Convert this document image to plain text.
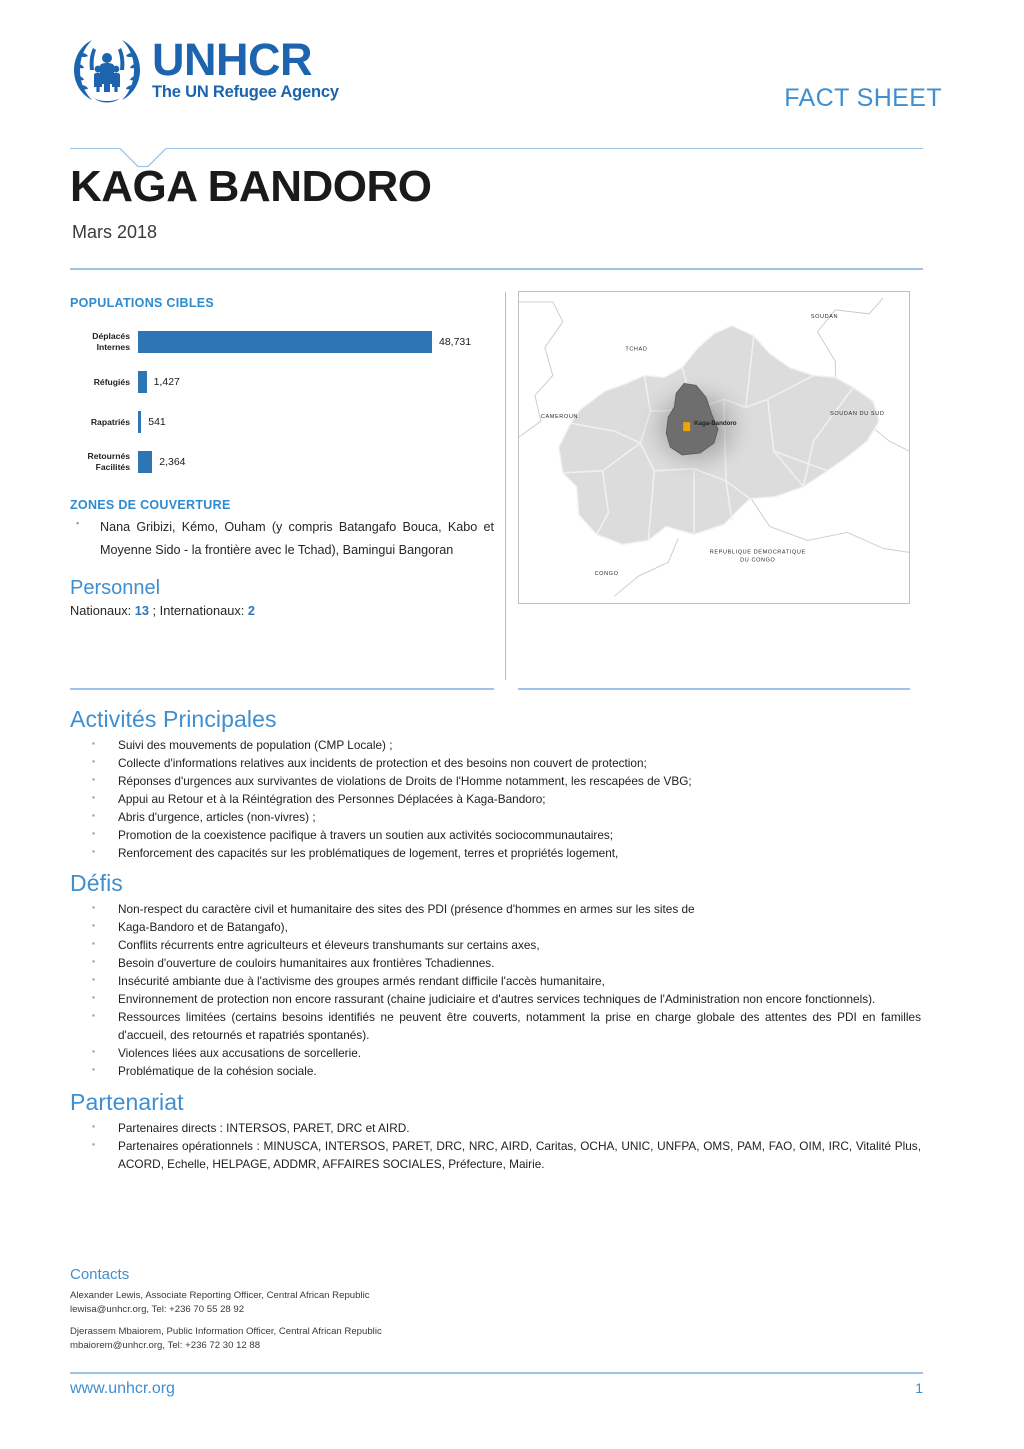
UNHCR
The UN Refugee Agency	FACT SHEET
KAGA BANDORO
Mars 2018
POPULATIONS CIBLES
Déplacés Internes	48,731
Réfugiés	1,427
Rapatriés	541
Retournés Facilités	2,364
ZONES DE COUVERTURE
▪ Nana Gribizi, Kémo, Ouham (y compris Batangafo Bouca, Kabo et Moyenne Sido - la frontière avec le Tchad), Bamingui Bangoran
Personnel
Nationaux: 13 ; Internationaux: 2
Kaga-Bandoro
SOUDAN
TCHAD
CAMEROUN	SOUDAN DU SUD
REPUBLIQUE DEMOCRATIQUE
DU CONGO
CONGO
Activités Principales
▪ Suivi des mouvements de population (CMP Locale) ;
▪ Collecte d'informations relatives aux incidents de protection et des besoins non couvert de protection;
▪ Réponses d'urgences aux survivantes de violations de Droits de l'Homme notamment, les rescapées de VBG;
▪ Appui au Retour et à la Réintégration des Personnes Déplacées à Kaga-Bandoro;
▪ Abris d'urgence, articles (non-vivres) ;
▪ Promotion de la coexistence pacifique à travers un soutien aux activités sociocommunautaires;
▪ Renforcement des capacités sur les problématiques de logement, terres et propriétés logement,
Défis
▪ Non-respect du caractère civil et humanitaire des sites des PDI (présence d'hommes en armes sur les sites de
▪ Kaga-Bandoro et de Batangafo),
▪ Conflits récurrents entre agriculteurs et éleveurs transhumants sur certains axes,
▪ Besoin d'ouverture de couloirs humanitaires aux frontières Tchadiennes.
▪ Insécurité ambiante due à l'activisme des groupes armés rendant difficile l'accès humanitaire,
▪ Environnement de protection non encore rassurant (chaine judiciaire et d'autres services techniques de l'Administration non encore fonctionnels).
▪ Ressources limitées (certains besoins identifiés ne peuvent être couverts, notamment la prise en charge globale des attentes des PDI en familles d'accueil, des retournés et rapatriés spontanés).
▪ Violences liées aux accusations de sorcellerie.
▪ Problématique de la cohésion sociale.
Partenariat
▪ Partenaires directs : INTERSOS, PARET, DRC et AIRD.
▪ Partenaires opérationnels : MINUSCA, INTERSOS, PARET, DRC, NRC, AIRD, Caritas, OCHA, UNIC, UNFPA, OMS, PAM, FAO, OIM, IRC, Vitalité Plus, ACORD, Echelle, HELPAGE, ADDMR, AFFAIRES SOCIALES, Préfecture, Mairie.
Contacts
Alexander Lewis, Associate Reporting Officer, Central African Republic
lewisa@unhcr.org, Tel: +236 70 55 28 92
Djerassem Mbaiorem, Public Information Officer, Central African Republic
mbaiorem@unhcr.org, Tel: +236 72 30 12 88
www.unhcr.org	1
